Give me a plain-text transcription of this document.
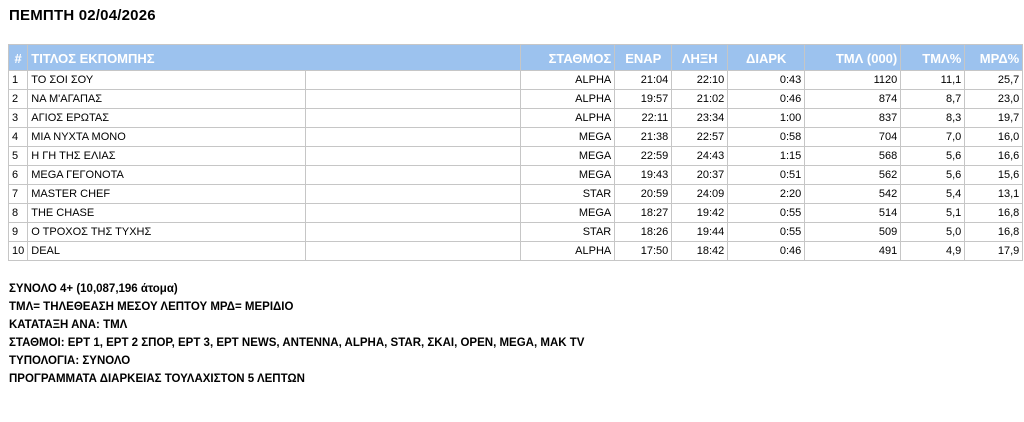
ΠΕΜΠΤΗ 02/04/2026
#	ΤΙΤΛΟΣ ΕΚΠΟΜΠΗΣ		ΣΤΑΘΜΟΣ	ΕΝΑΡ	ΛΗΞΗ	ΔΙΑΡΚ	ΤΜΛ (000)	ΤΜΛ%	ΜΡΔ%
1	ΤΟ ΣΟΙ ΣΟΥ		ALPHA	21:04	22:10	0:43	1120	11,1	25,7
2	ΝΑ Μ'ΑΓΑΠΑΣ		ALPHA	19:57	21:02	0:46	874	8,7	23,0
3	ΑΓΙΟΣ ΕΡΩΤΑΣ		ALPHA	22:11	23:34	1:00	837	8,3	19,7
4	ΜΙΑ ΝΥΧΤΑ ΜΟΝΟ		MEGA	21:38	22:57	0:58	704	7,0	16,0
5	Η ΓΗ ΤΗΣ ΕΛΙΑΣ		MEGA	22:59	24:43	1:15	568	5,6	16,6
6	MEGA ΓΕΓΟΝΟΤΑ		MEGA	19:43	20:37	0:51	562	5,6	15,6
7	MASTER CHEF		STAR	20:59	24:09	2:20	542	5,4	13,1
8	THE CHASE		MEGA	18:27	19:42	0:55	514	5,1	16,8
9	Ο ΤΡΟΧΟΣ ΤΗΣ ΤΥΧΗΣ		STAR	18:26	19:44	0:55	509	5,0	16,8
10	DEAL		ALPHA	17:50	18:42	0:46	491	4,9	17,9
ΣΥΝΟΛΟ 4+ (10,087,196 άτομα)
ΤΜΛ= ΤΗΛΕΘΕΑΣΗ ΜΕΣΟΥ ΛΕΠΤΟΥ ΜΡΔ= ΜΕΡΙΔΙΟ
ΚΑΤΑΤΑΞΗ ΑΝΑ: ΤΜΛ
ΣΤΑΘΜΟΙ: ΕΡΤ 1, ΕΡΤ 2 ΣΠΟΡ, ΕΡΤ 3, ΕΡΤ NEWS, ANTENNA, ALPHA, STAR, ΣΚΑΙ, OPEN, MEGA, MAK TV
ΤΥΠΟΛΟΓΙΑ: ΣΥΝΟΛΟ
ΠΡΟΓΡΑΜΜΑΤΑ ΔΙΑΡΚΕΙΑΣ ΤΟΥΛΑΧΙΣΤΟΝ 5 ΛΕΠΤΩΝ
